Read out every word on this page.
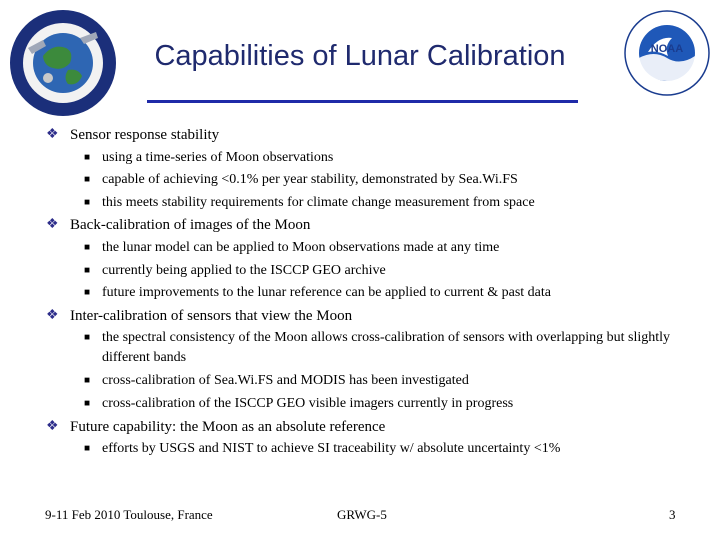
NOAA
Capabilities of Lunar Calibration
❖ Sensor response stability
■ using a time-series of Moon observations
■ capable of achieving <0.1% per year stability, demonstrated by Sea.Wi.FS
■ this meets stability requirements for climate change measurement from space
❖ Back-calibration of images of the Moon
■ the lunar model can be applied to Moon observations made at any time
■ currently being applied to the ISCCP GEO archive
■ future improvements to the lunar reference can be applied to current & past data
❖ Inter-calibration of sensors that view the Moon
■ the spectral consistency of the Moon allows cross-calibration of sensors with overlapping but slightly different bands
■ cross-calibration of Sea.Wi.FS and MODIS has been investigated
■ cross-calibration of the ISCCP GEO visible imagers currently in progress
❖ Future capability: the Moon as an absolute reference
■ efforts by USGS and NIST to achieve SI traceability w/ absolute uncertainty <1%
9-11 Feb 2010 Toulouse, France	GRWG-5	3
